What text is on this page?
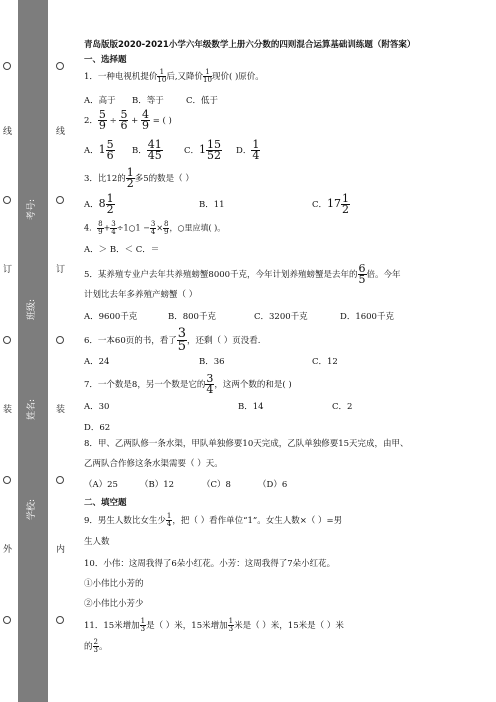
线
订
装
外
学校:
姓名:
班级:
考号:
线
订
装
内
青岛版版2020-2021小学六年级数学上册六分数的四则混合运算基础训练题（附答案）
一、选择题
1．一种电视机提价 $\frac{1}{10}$ 后,又降价 $\frac{1}{10}$ 现价( )原价。
A．高于 B．等于	C．低于
2． $\frac{5}{9} \div \frac{5}{6} + \frac{4}{9}$ = ( )
A．$1 \frac{5}{6}$ B． $\frac{41}{45}$	C．$1 \frac{15}{52}$ D． $\frac{1}{4}$
3．比12的 $\frac{1}{2}$ 多5的数是（ ）
A．$8 \frac{1}{2}$	B．11	C．$17 \frac{1}{2}$
4． $\frac{8}{9} + \frac{3}{4}$ ÷1○1 − $\frac{3}{4} \times \frac{8}{9}$ ，○里应填( )。
A．＞ B．＜ C．＝
5．某养殖专业户去年共养殖螃蟹8000千克，今年计划养殖螃蟹是去年的 $\frac{6}{5}$ 倍。今年
计划比去年多养殖产螃蟹（ ）
A．9600千克	B．800千克	C．3200千克	D．1600千克
6．一本60页的书，看了 $\frac{3}{5}$ ，还剩（ ）页没看.
A．24	B．36	C．12
7．一个数是8，另一个数是它的 $\frac{3}{4}$ ，这两个数的和是( )
A．30	B．14	C．2
D．62
8．甲、乙两队修一条水渠，甲队单独修要10天完成，乙队单独修要15天完成，由甲、
乙两队合作修这条水渠需要（ ）天。
（A）25	（B）12	（C）8	（D）6
二、填空题
9．男生人数比女生少 $\frac{1}{4}$ ，把（ ）看作单位“1”。女生人数×（ ）=男
生人数
10．小伟：这周我得了6朵小红花。小芳：这周我得了7朵小红花。
①小伟比小芳的
②小伟比小芳少
11．15米增加 $\frac{1}{3}$ 是（ ）米，15米增加 $\frac{1}{3}$ 米是（ ）米，15米是（ ）米
的 $\frac{2}{3}$ 。
